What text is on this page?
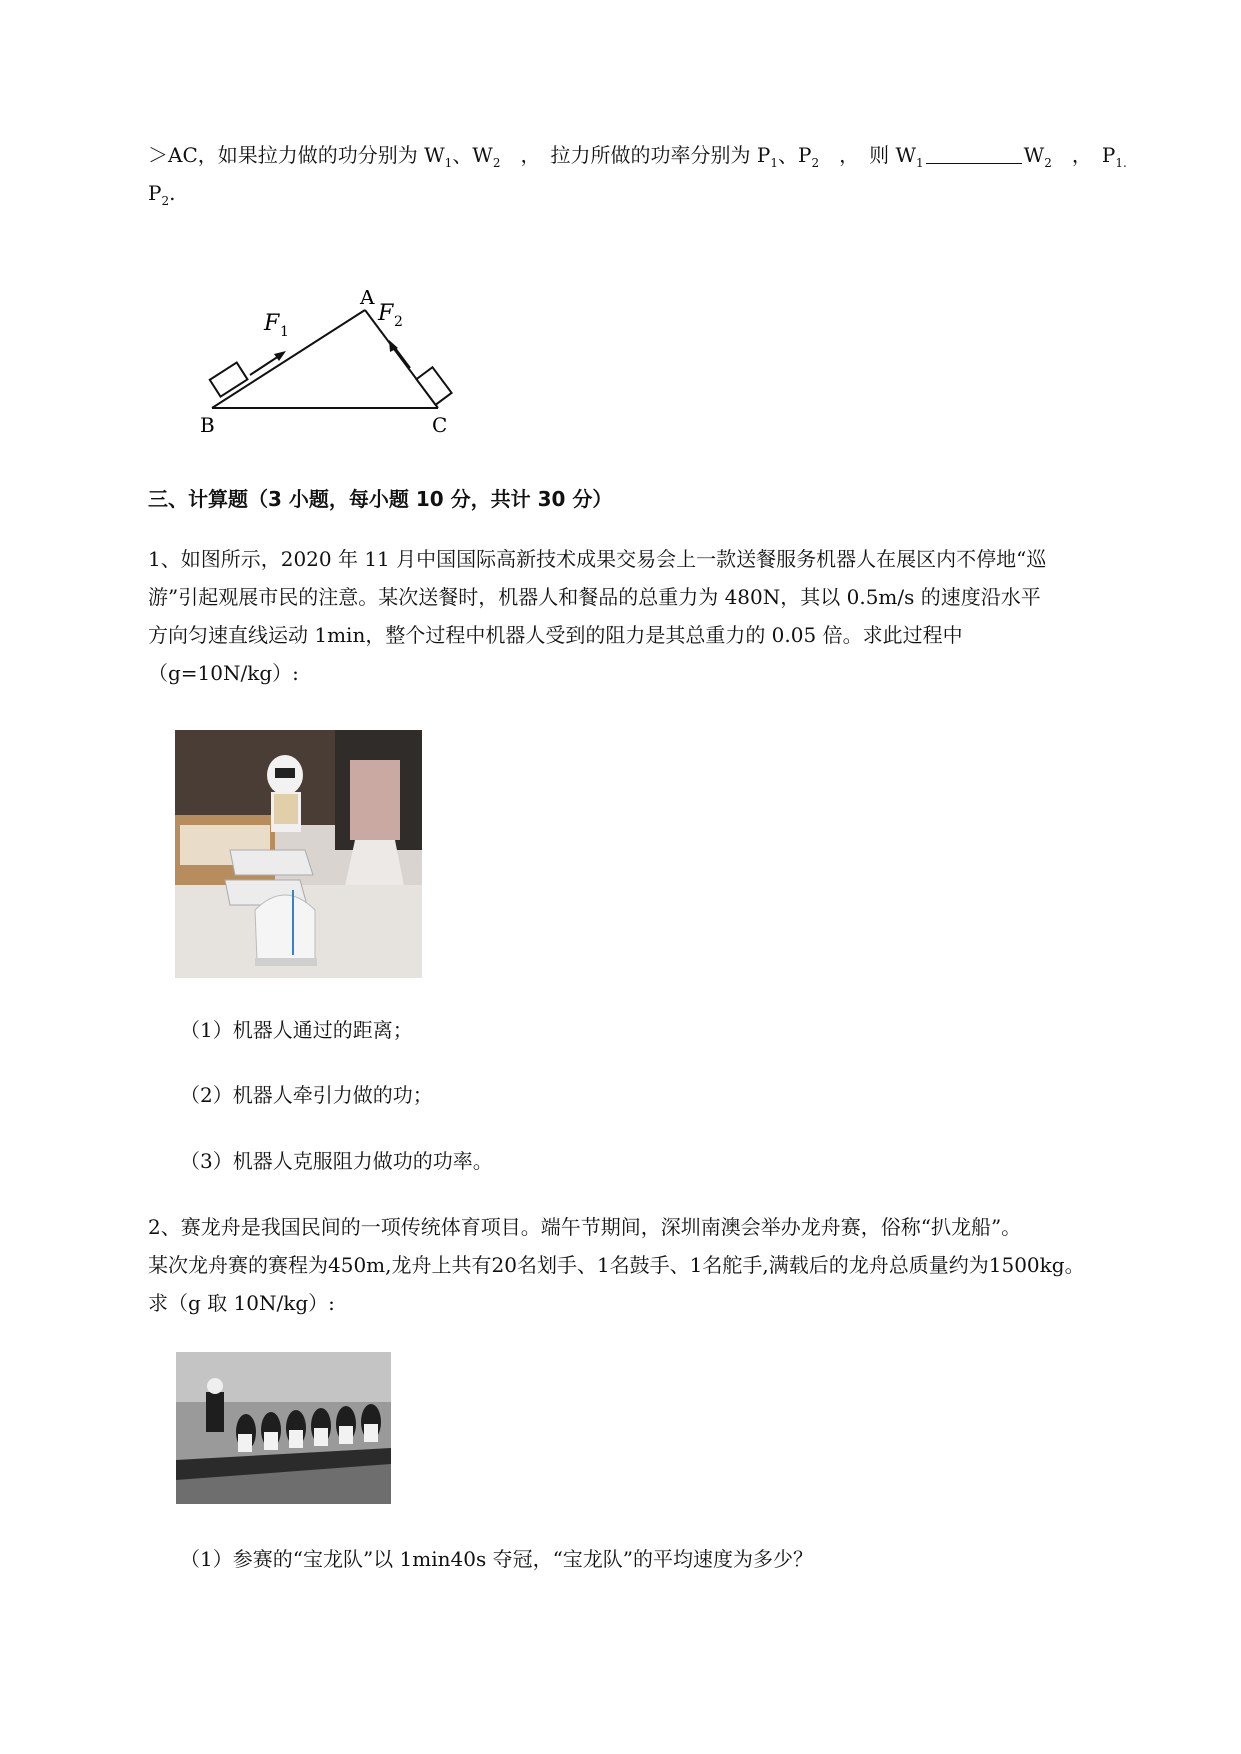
＞AC，如果拉力做的功分别为 $W_1$、$W_2$　，　拉力所做的功率分别为 $P_1$、$P_2$　，　则 $W_1$	$W_2$　，　$P_{1.}$
$P_2$.
A
B	C
F 1
F 2
三、计算题（3 小题，每小题 10 分，共计 30 分）
1、如图所示，2020 年 11 月中国国际高新技术成果交易会上一款送餐服务机器人在展区内不停地“巡
游”引起观展市民的注意。某次送餐时，机器人和餐品的总重力为 480N，其以 0.5m/s 的速度沿水平
方向匀速直线运动 1min，整个过程中机器人受到的阻力是其总重力的 0.05 倍。求此过程中
（g=10N/kg）:
（1）机器人通过的距离；
（2）机器人牵引力做的功；
（3）机器人克服阻力做功的功率。
2、赛龙舟是我国民间的一项传统体育项目。端午节期间，深圳南澳会举办龙舟赛，俗称“扒龙船”。
某次龙舟赛的赛程为450m,龙舟上共有20名划手、1名鼓手、1名舵手,满载后的龙舟总质量约为1500kg。
求（g 取 10N/kg）:
（1）参赛的“宝龙队”以 1min40s 夺冠，“宝龙队”的平均速度为多少？
